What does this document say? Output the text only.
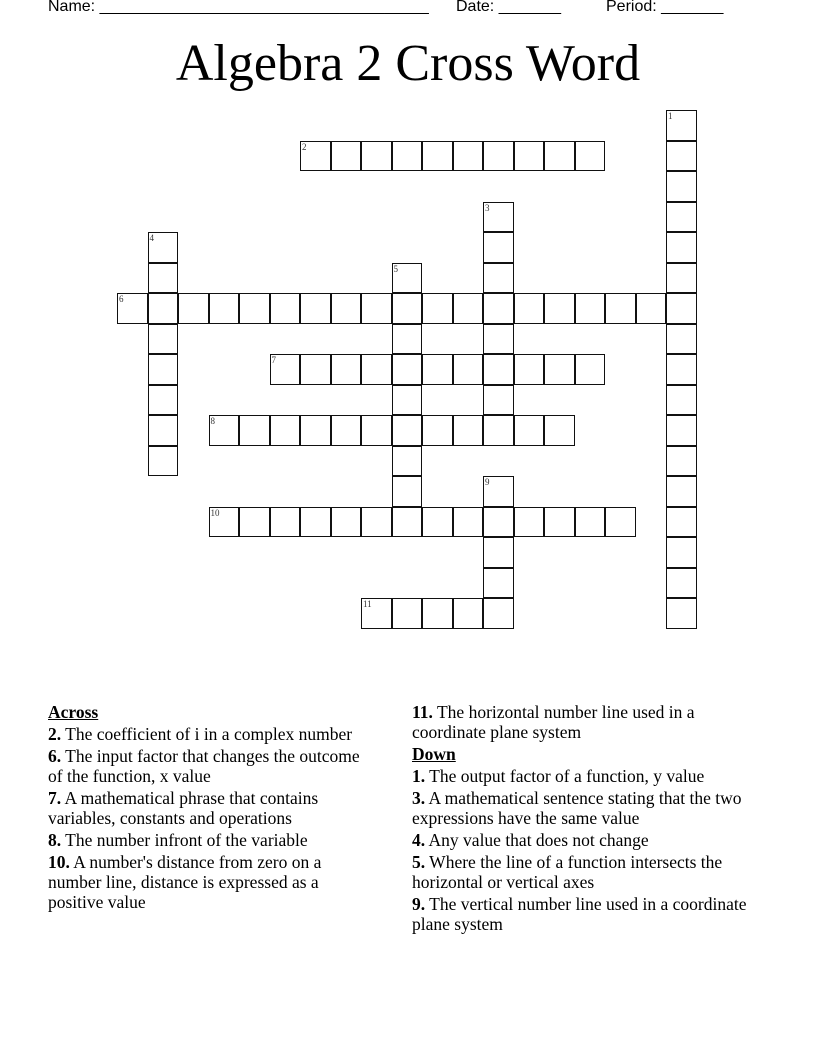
Name: _____________________________________

Date: _______

	Period: _______

Algebra 2 Cross Word
1
2
3
4
5
6
7
8
9
10
11
Across
2. The coefficient of i in a complex number
6. The input factor that changes the outcome of the function, x value
7. A mathematical phrase that contains variables, constants and operations
8. The number infront of the variable
10. A number's distance from zero on a number line, distance is expressed as a positive value
11. The horizontal number line used in a coordinate plane system
Down
1. The output factor of a function, y value
3. A mathematical sentence stating that the two expressions have the same value
4. Any value that does not change
5. Where the line of a function intersects the horizontal or vertical axes
9. The vertical number line used in a coordinate plane system
